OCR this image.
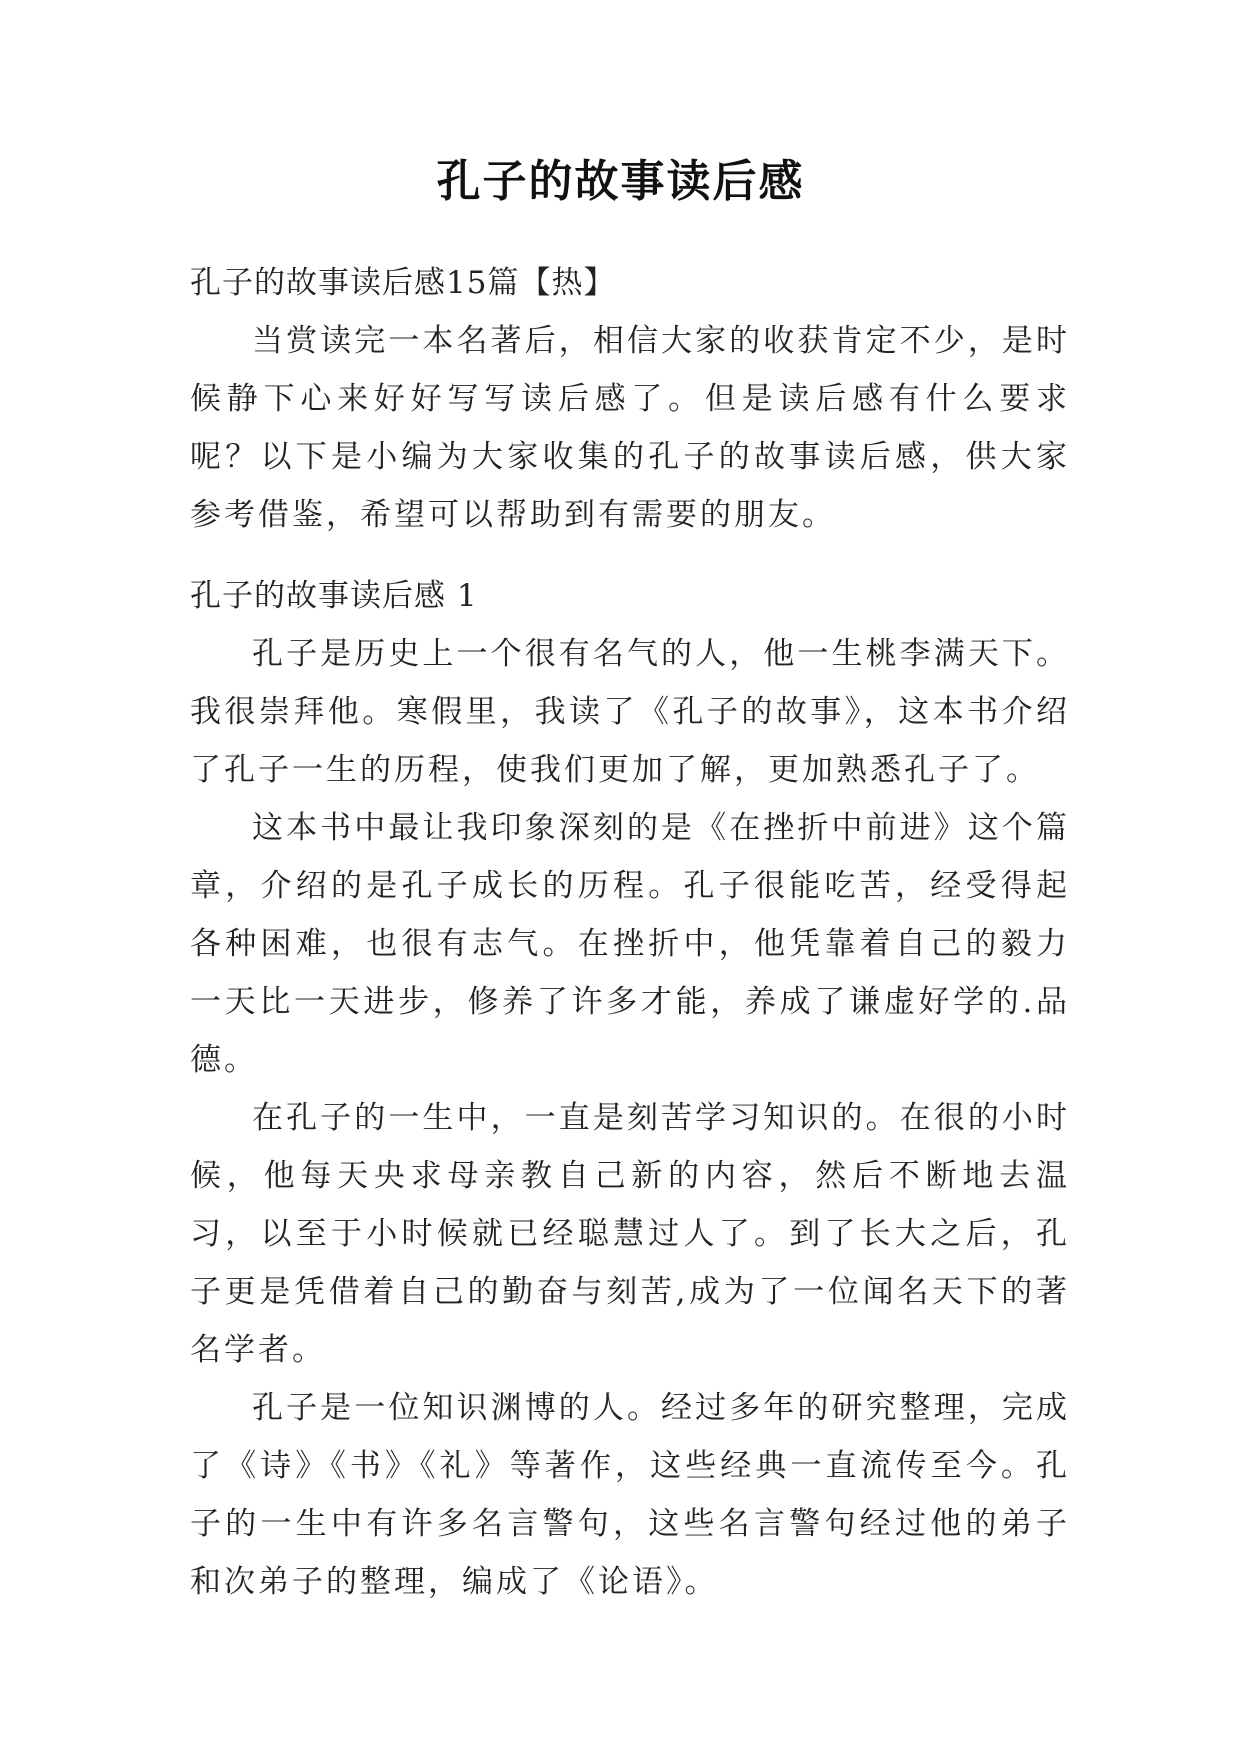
孔子的故事读后感

孔子的故事读后感15篇【热】

当赏读完一本名著后，相信大家的收获肯定不少，是时候静下心来好好写写读后感了。但是读后感有什么要求呢？以下是小编为大家收集的孔子的故事读后感，供大家参考借鉴，希望可以帮助到有需要的朋友。

孔子的故事读后感 1

孔子是历史上一个很有名气的人，他一生桃李满天下。我很崇拜他。寒假里，我读了《孔子的故事》，这本书介绍了孔子一生的历程，使我们更加了解，更加熟悉孔子了。

这本书中最让我印象深刻的是《在挫折中前进》这个篇章，介绍的是孔子成长的历程。孔子很能吃苦，经受得起各种困难，也很有志气。在挫折中，他凭靠着自己的毅力一天比一天进步，修养了许多才能，养成了谦虚好学的.品德。

在孔子的一生中，一直是刻苦学习知识的。在很的小时候，他每天央求母亲教自己新的内容，然后不断地去温习，以至于小时候就已经聪慧过人了。到了长大之后，孔子更是凭借着自己的勤奋与刻苦,成为了一位闻名天下的著名学者。

孔子是一位知识渊博的人。经过多年的研究整理，完成了《诗》《书》《礼》等著作，这些经典一直流传至今。孔子的一生中有许多名言警句，这些名言警句经过他的弟子和次弟子的整理，编成了《论语》。
